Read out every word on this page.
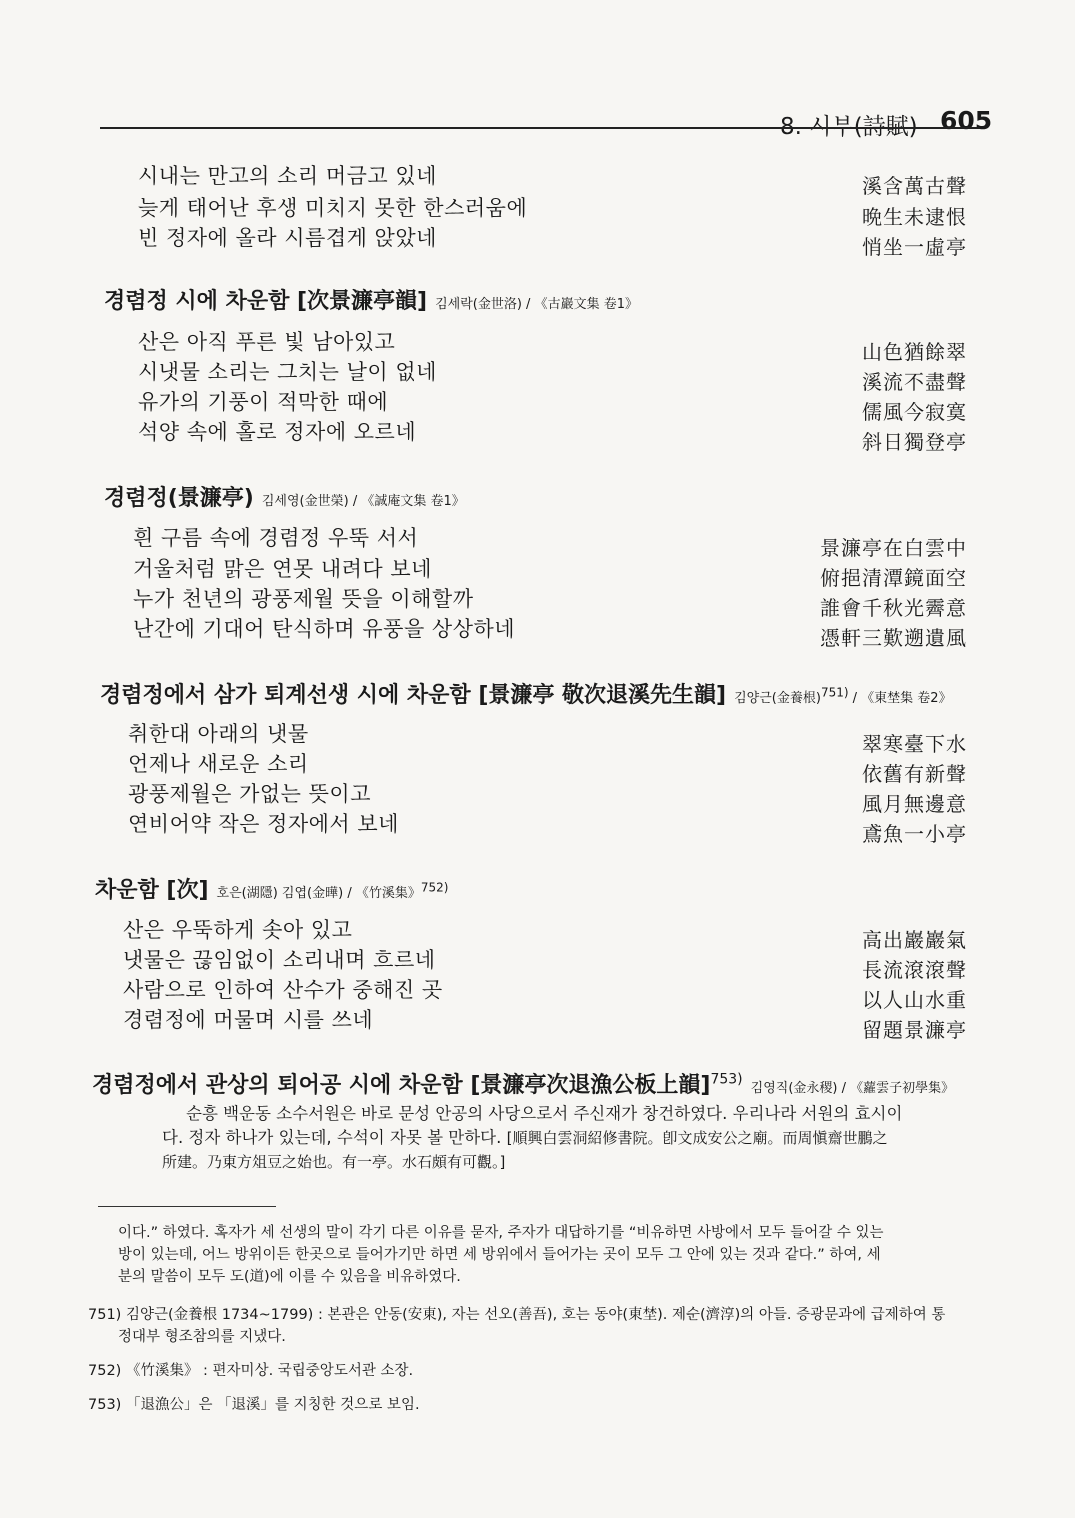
8. 시부(詩賦) 605
시내는 만고의 소리 머금고 있네
늦게 태어난 후생 미치지 못한 한스러움에
빈 정자에 올라 시름겹게 앉았네
溪含萬古聲
晩生未逮恨
悄坐一虛亭
경렴정 시에 차운함 [次景濂亭韻] 김세락(金世洛) / 《古巖文集 卷1》
산은 아직 푸른 빛 남아있고
시냇물 소리는 그치는 날이 없네
유가의 기풍이 적막한 때에
석양 속에 홀로 정자에 오르네
山色猶餘翠
溪流不盡聲
儒風今寂寞
斜日獨登亭
경렴정(景濂亭) 김세영(金世榮) / 《誠庵文集 卷1》
흰 구름 속에 경렴정 우뚝 서서
거울처럼 맑은 연못 내려다 보네
누가 천년의 광풍제월 뜻을 이해할까
난간에 기대어 탄식하며 유풍을 상상하네
景濂亭在白雲中
俯挹清潭鏡面空
誰會千秋光霽意
憑軒三歎遡遺風
경렴정에서 삼가 퇴계선생 시에 차운함 [景濂亭 敬次退溪先生韻] 김양근(金養根)751) / 《東埜集 卷2》
취한대 아래의 냇물
언제나 새로운 소리
광풍제월은 가없는 뜻이고
연비어약 작은 정자에서 보네
翠寒臺下水
依舊有新聲
風月無邊意
鳶魚一小亭
차운함 [次] 호은(湖隱) 김엽(金曄) / 《竹溪集》752)
산은 우뚝하게 솟아 있고
냇물은 끊임없이 소리내며 흐르네
사람으로 인하여 산수가 중해진 곳
경렴정에 머물며 시를 쓰네
高出巖巖氣
長流滾滾聲
以人山水重
留題景濂亭
경렴정에서 관상의 퇴어공 시에 차운함 [景濂亭次退漁公板上韻]$^{753)}$김영직(金永稷) / 《蘿雲子初學集》
순흥 백운동 소수서원은 바로 문성 안공의 사당으로서 주신재가 창건하였다. 우리나라 서원의 효시이
다. 정자 하나가 있는데, 수석이 자못 볼 만하다. [順興白雲洞紹修書院。卽文成安公之廟。而周愼齋世鵬之
所建。乃東方俎豆之始也。有一亭。水石頗有可觀。]
이다.” 하였다. 혹자가 세 선생의 말이 각기 다른 이유를 묻자, 주자가 대답하기를 “비유하면 사방에서 모두 들어갈 수 있는
방이 있는데, 어느 방위이든 한곳으로 들어가기만 하면 세 방위에서 들어가는 곳이 모두 그 안에 있는 것과 같다.” 하여, 세
분의 말씀이 모두 도(道)에 이를 수 있음을 비유하였다.
751) 김양근(金養根 1734~1799) : 본관은 안동(安東), 자는 선오(善吾), 호는 동야(東埜). 제순(濟淳)의 아들. 증광문과에 급제하여 통
정대부 형조참의를 지냈다.
752) 《竹溪集》 : 편자미상. 국립중앙도서관 소장.
753) 「退漁公」은 「退溪」를 지칭한 것으로 보임.
